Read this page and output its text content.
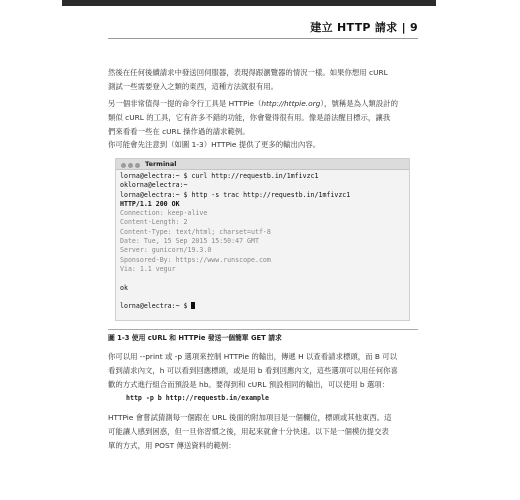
建立 HTTP 請求 | 9
然後在任何後續請求中發送回伺服器，表現得跟瀏覽器的情況一樣。如果你想用 cURL
測試一些需要登入之類的東西，這種方法就很有用。
另一個非常值得一提的命令行工具是 HTTPie（http://httpie.org），號稱是為人類設計的
類似 cURL 的工具，它有許多不錯的功能，你會覺得很有用。像是語法醒目標示，讓我
們來看看一些在 cURL 操作過的請求範例。
你可能會先注意到（如圖 1-3）HTTPie 提供了更多的輸出內容。
Terminal
lorna@electra:~ $ curl http://requestb.in/1mfivzc1
oklorna@electra:~
lorna@electra:~ $ http -s trac http://requestb.in/1mfivzc1
HTTP/1.1 200 OK
Connection: keep-alive
Content-Length: 2
Content-Type: text/html; charset=utf-8
Date: Tue, 15 Sep 2015 15:50:47 GMT
Server: gunicorn/19.3.0
Sponsored-By: https://www.runscope.com
Via: 1.1 vegur
ok
lorna@electra:~ $
圖 1-3 使用 cURL 和 HTTPie 發送一個簡單 GET 請求
你可以用 --print 或 -p 選項來控制 HTTPie 的輸出，傳遞 H 以查看請求標頭，而 B 可以
看到請求內文，h 可以看到回應標頭，或是用 b 看到回應內文，這些選項可以用任何你喜
歡的方式進行組合而預設是 hb。要得到和 cURL 預設相同的輸出，可以使用 b 選項：
http -p b http://requestb.in/example
HTTPie 會嘗試猜測每一個跟在 URL 後面的附加項目是一個欄位，標頭或其他東西。這
可能讓人感到困惑，但一旦你習慣之後，用起來就會十分快速。以下是一個模仿提交表
單的方式，用 POST 傳送資料的範例：
